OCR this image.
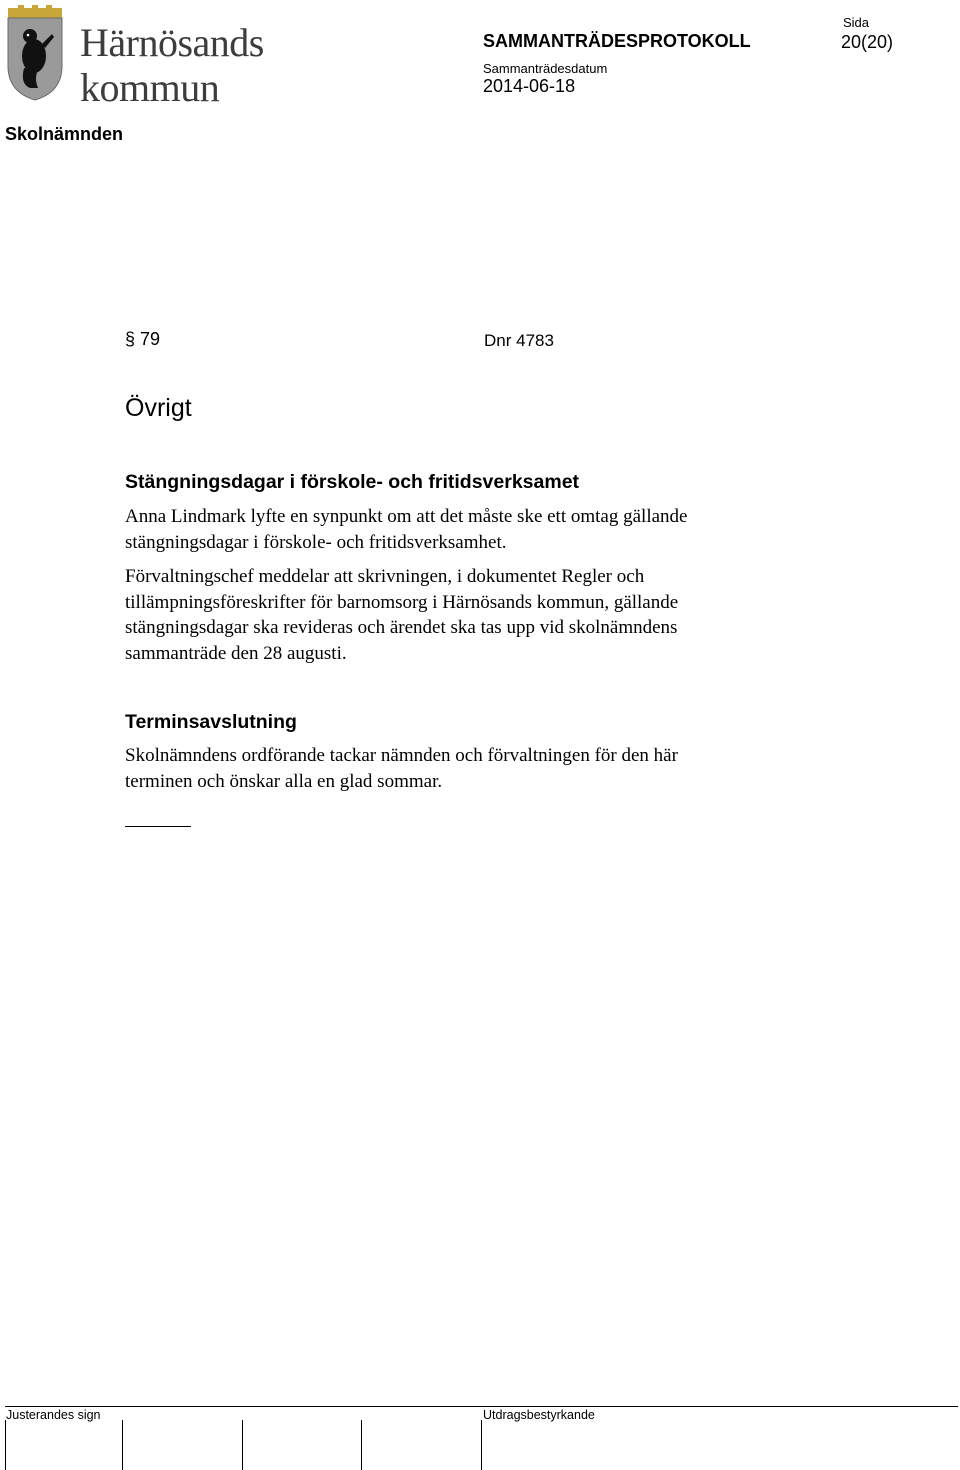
Härnösands
kommun
SAMMANTRÄDESPROTOKOLL
Sida
20(20)
Sammanträdesdatum
2014-06-18
Skolnämnden
§ 79	Dnr 4783
Övrigt
Stängningsdagar i förskole- och fritidsverksamet

Anna Lindmark lyfte en synpunkt om att det måste ske ett omtag gällande
stängningsdagar i förskole- och fritidsverksamhet.

Förvaltningschef meddelar att skrivningen, i dokumentet Regler och
tillämpningsföreskrifter för barnomsorg i Härnösands kommun, gällande
stängningsdagar ska revideras och ärendet ska tas upp vid skolnämndens
sammanträde den 28 augusti.

Terminsavslutning

Skolnämndens ordförande tackar nämnden och förvaltningen för den här
terminen och önskar alla en glad sommar.

Justerandes sign	Utdragsbestyrkande
